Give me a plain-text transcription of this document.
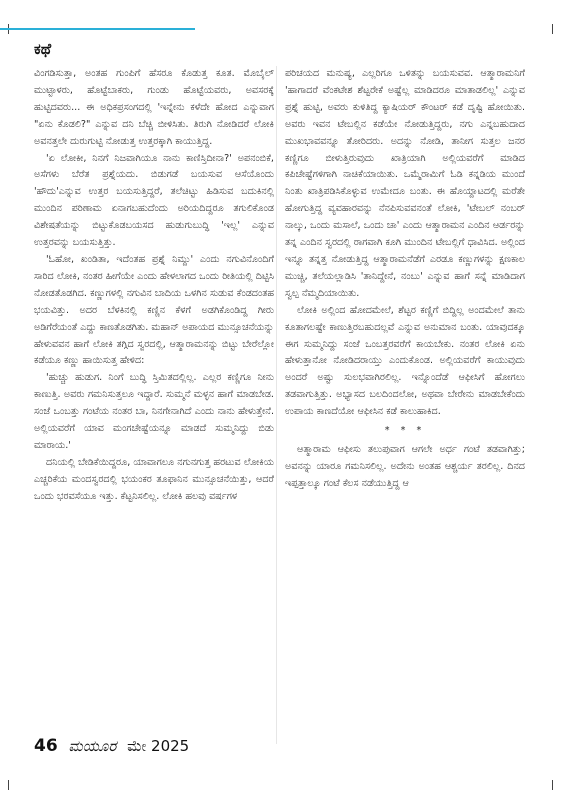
ಕಥೆ

ವಿಂಗಡಿಸುತ್ತಾ, ಅಂತಹ ಗುಂಪಿಗೆ ಹೆಸರೂ ಕೊಡುತ್ತ ಕೂತ. ಮೊಬೈಲ್ ಮುಟ್ಟಾಳರು, ಹೊಟ್ಟೆಬಾಕರು, ಗುಂಡು ಹೊಟ್ಟೆಯವರು, ಅವಸರಕ್ಕೆ ಹುಟ್ಟಿದವರು... ಈ ಅಧಿಕಪ್ರಸಂಗದಲ್ಲಿ 'ಇನ್ನೇನು ಕಳೆದೇ ಹೋದ ಎನ್ನುವಾಗ "ಏನು ಕೊಡಲಿ?" ಎನ್ನುವ ದನಿ ಬೆಚ್ಚಿ ಬೀಳಿಸಿತು. ತಿರುಗಿ ನೋಡಿದರೆ ಲೋಕಿ ಅವನತ್ತಲೇ ದುರುಗುಟ್ಟಿ ನೋಡುತ್ತ ಉತ್ತರಕ್ಕಾಗಿ ಕಾಯುತ್ತಿದ್ದ.

'ಏ ಲೋಕೀ, ನಿನಗೆ ನಿಜವಾಗಿಯೂ ನಾನು ಕಾಣಿಸ್ತಿದೀನಾ?' ಅಪನಂಬಿಕೆ, ಅಸೆಗಳು ಬೆರೆತ ಪ್ರಶ್ನೆಯದು. ಬಿಡುಗಡೆ ಬಯಸುವ ಆಸೆಯೊಂದು 'ಹೌದು'ಎನ್ನುವ ಉತ್ತರ ಬಯಸುತ್ತಿದ್ದರೆ, ತಲೆಚಿಟ್ಟು ಹಿಡಿಸುವ ಬದುಕಿನಲ್ಲಿ ಮುಂದಿನ ಪರಿಣಾಮ ಏನಾಗಬಹುದೆಂದು ಅರಿಯದಿದ್ದರೂ ತಗುಲಿಕೊಂಡ ವಿಶೇಷತೆಯನ್ನು ಬಿಟ್ಟುಕೊಡಬಯಸದ ಹುಡುಗುಬುದ್ಧಿ 'ಇಲ್ಲ' ಎನ್ನುವ ಉತ್ತರವನ್ನು ಬಯಸುತ್ತಿತ್ತು.

'ಓಹೋ, ಖಂಡಿತಾ, ಇದೆಂತಹ ಪ್ರಶ್ನೆ ನಿಮ್ದು' ಎಂದು ನಗುವಿನೊಂದಿಗೆ ಸಾರಿದ ಲೋಕಿ, ನಂತರ ಹೀಗೆಯೇ ಎಂದು ಹೇಳಲಾಗದ ಒಂದು ರೀತಿಯಲ್ಲಿ ದಿಟ್ಟಿಸಿ ನೋಡತೊಡಗಿದ. ಕಣ್ಣುಗಳಲ್ಲಿ ನಗುವಿನ ಬಾದಿಯ ಒಳಗಿನ ಸುಡುವ ಕೆಂಡದಂತಹ ಭಯವಿತ್ತು. ಅದರ ಬೆಳಕಿನಲ್ಲಿ ಕಣ್ಣಿನ ಕೆಳಗೆ ಅಡಗಿಕೊಂಡಿದ್ದ ಗೀರು ಅಡಿಗೆರೆಯಂತೆ ಎದ್ದು ಕಾಣತೊಡಗಿತು. ಮಹಾನ್ ಅಪಾಯದ ಮುನ್ಸೂಚನೆಯನ್ನು ಹೇಳುವವನ ಹಾಗೆ ಲೋಕಿ ತಗ್ಗಿದ ಸ್ವರದಲ್ಲಿ, ಆತ್ಮಾರಾಮನನ್ನು ಬಿಟ್ಟು ಬೇರೆಲ್ಲೋ ಕಡೆಯೂ ಕಣ್ಣು ಹಾಯಿಸುತ್ತ ಹೇಳಿದ:

'ಹುಚ್ಚು ಹುಡುಗ. ನಿಂಗೆ ಬುದ್ಧಿ ಸ್ತಿಮಿತದಲ್ಲಿಲ್ಲ. ಎಲ್ಲರ ಕಣ್ಣಿಗೂ ನೀನು ಕಾಣುತ್ತಿ. ಅವರು ಗಮನಿಸುತ್ತಲೂ ಇದ್ದಾರೆ. ಸುಮ್ಮನೆ ಮಳ್ಳನ ಹಾಗೆ ಮಾಡಬೇಡ. ಸಂಜೆ ಒಂಬತ್ತು ಗಂಟೆಯ ನಂತರ ಬಾ, ನಿನಗೇನಾಗಿದೆ ಎಂದು ನಾನು ಹೇಳುತ್ತೇನೆ. ಅಲ್ಲಿಯವರೆಗೆ ಯಾವ ಮಂಗಚೇಷ್ಟೆಯನ್ನೂ ಮಾಡದೆ ಸುಮ್ಮನಿದ್ದು ಬಿಡು ಮಾರಾಯ.'

ದನಿಯಲ್ಲಿ ಬೇಡಿಕೆಯಿದ್ದರೂ, ಯಾವಾಗಲೂ ನಗುನಗುತ್ತ ಹರಟುವ ಲೋಕಿಯ ಎಚ್ಚರಿಕೆಯ ಮಂದಸ್ವರದಲ್ಲಿ ಭಯಂಕರ ತೂಫಾನಿನ ಮುನ್ಸೂಚನೆಯಿತ್ತು, ಆದರೆ ಒಂದು ಭರವಸೆಯೂ ಇತ್ತು. ಕೆಟ್ಟನಿಸಲಿಲ್ಲ. ಲೋಕಿ ಹಲವು ವರ್ಷಗಳ

ಪರಿಚಯದ ಮನುಷ್ಯ, ಎಲ್ಲರಿಗೂ ಒಳಿತನ್ನು ಬಯಸುವವ. ಆತ್ಮಾರಾಮನಿಗೆ 'ಹಾಗಾದರೆ ವೆಂಕಟೇಶ ಶೆಟ್ಟರೇಕೆ ಅಷ್ಟೆಲ್ಲ ಮಾಡಿದರೂ ಮಾತಾಡಲಿಲ್ಲ' ಎನ್ನುವ ಪ್ರಶ್ನೆ ಹುಟ್ಟಿ, ಅವರು ಕುಳಿತಿದ್ದ ಕ್ಯಾಷಿಯರ್ ಕೌಂಟರ್ ಕಡೆ ದೃಷ್ಟಿ ಹೋಯಿತು. ಅವರು ಇವನ ಟೇಬಲ್ಲಿನ ಕಡೆಯೇ ನೋಡುತ್ತಿದ್ದರು, ನಗು ಎನ್ನಬಹುದಾದ ಮುಖಭಾವವನ್ನೂ ತೋರಿದರು. ಅದನ್ನು ನೋಡಿ, ತಾನೀಗ ಸುತ್ತಲ ಜನರ ಕಣ್ಣಿಗೂ ಬೀಳುತ್ತಿರುವುದು ಖಾತ್ರಿಯಾಗಿ ಅಲ್ಲಿಯವರೆಗೆ ಮಾಡಿದ ಕಪಿಚೇಷ್ಟೆಗಳಿಗಾಗಿ ನಾಚಿಕೆಯಾಯಿತು. ಒಮ್ಮೆರಾಮಿಗೆ ಓಡಿ ಕನ್ನಡಿಯ ಮುಂದೆ ನಿಂತು ಖಾತ್ರಿಪಡಿಸಿಕೊಳ್ಳುವ ಉಮೇದೂ ಬಂತು. ಈ ಹೊಯ್ದಾಟದಲ್ಲಿ ಮರೆತೇ ಹೋಗುತ್ತಿದ್ದ ವ್ಯವಹಾರವನ್ನು ನೆನಪಿಸುವವನಂತೆ ಲೋಕಿ, 'ಟೇಬಲ್ ನಂಬರ್ ನಾಲ್ಕು, ಒಂದು ಮಸಾಲೆ, ಒಂದು ಚಾ' ಎಂದು ಆತ್ಮಾರಾಮನ ಎಂದಿನ ಆರ್ಡರನ್ನು ತನ್ನ ಎಂದಿನ ಸ್ವರದಲ್ಲಿ ರಾಗವಾಗಿ ಕೂಗಿ ಮುಂದಿನ ಟೇಬಲ್ಲಿಗೆ ಧಾವಿಸಿದ. ಅಲ್ಲಿಂದ ಇನ್ನೂ ತನ್ನತ್ತ ನೋಡುತ್ತಿದ್ದ ಆತ್ಮಾರಾಮನೆಡೆಗೆ ಎರಡೂ ಕಣ್ಣುಗಳನ್ನು ಕ್ಷಣಕಾಲ ಮುಚ್ಚಿ, ತಲೆಯಲ್ಲಾಡಿಸಿ 'ತಾನಿದ್ದೇನೆ, ನಂಬು' ಎನ್ನುವ ಹಾಗೆ ಸನ್ನೆ ಮಾಡಿದಾಗ ಸ್ವಲ್ಪ ನೆಮ್ಮದಿಯಾಯಿತು.

ಲೋಕಿ ಅಲ್ಲಿಂದ ಹೋದಮೇಲೆ, ಶೆಟ್ಟರ ಕಣ್ಣಿಗೆ ಬಿದ್ದಿಲ್ಲ ಅಂದಮೇಲೆ ತಾನು ಕೂತಾಗಲಷ್ಟೇ ಕಾಣುತ್ತಿರಬಹುದಲ್ಲವೆ ಎನ್ನುವ ಅನುಮಾನ ಬಂತು. ಯಾವುದಕ್ಕೂ ಈಗ ಸುಮ್ಮನಿದ್ದು ಸಂಜೆ ಒಂಬತ್ತರವರೆಗೆ ಕಾಯಬೇಕು. ನಂತರ ಲೋಕಿ ಏನು ಹೇಳುತ್ತಾನೋ ನೋಡಿದರಾಯ್ತು ಎಂದುಕೊಂಡ. ಅಲ್ಲಿಯವರೆಗೆ ಕಾಯುವುದು ಅಂದರೆ ಅಷ್ಟು ಸುಲಭವಾಗಿರಲಿಲ್ಲ. ಇನ್ನೊಂದೆಡೆ ಆಫೀಸಿಗೆ ಹೋಗಲು ತಡವಾಗುತ್ತಿತ್ತು. ಅಭ್ಯಾಸದ ಬಲದಿಂದಲೋ, ಅಥವಾ ಬೇರೇನು ಮಾಡಬೇಕೆಂದು ಉಪಾಯ ಕಾಣದೆಯೋ ಆಫೀಸಿನ ಕಡೆ ಕಾಲುಹಾಕಿದ.

* * *

ಆತ್ಮಾರಾಮ ಆಫೀಸು ತಲುಪುವಾಗ ಆಗಲೇ ಅರ್ಧ ಗಂಟೆ ತಡವಾಗಿತ್ತು; ಅವನನ್ನು ಯಾರೂ ಗಮನಿಸಲಿಲ್ಲ. ಅದೇನು ಅಂತಹ ಆಶ್ಚರ್ಯ ತರಲಿಲ್ಲ. ದಿನದ ಇಪ್ಪತ್ತಾಲ್ಕೂ ಗಂಟೆ ಕೆಲಸ ನಡೆಯುತ್ತಿದ್ದ ಆ

46 ಮಯೂರ ಮೇ 2025
